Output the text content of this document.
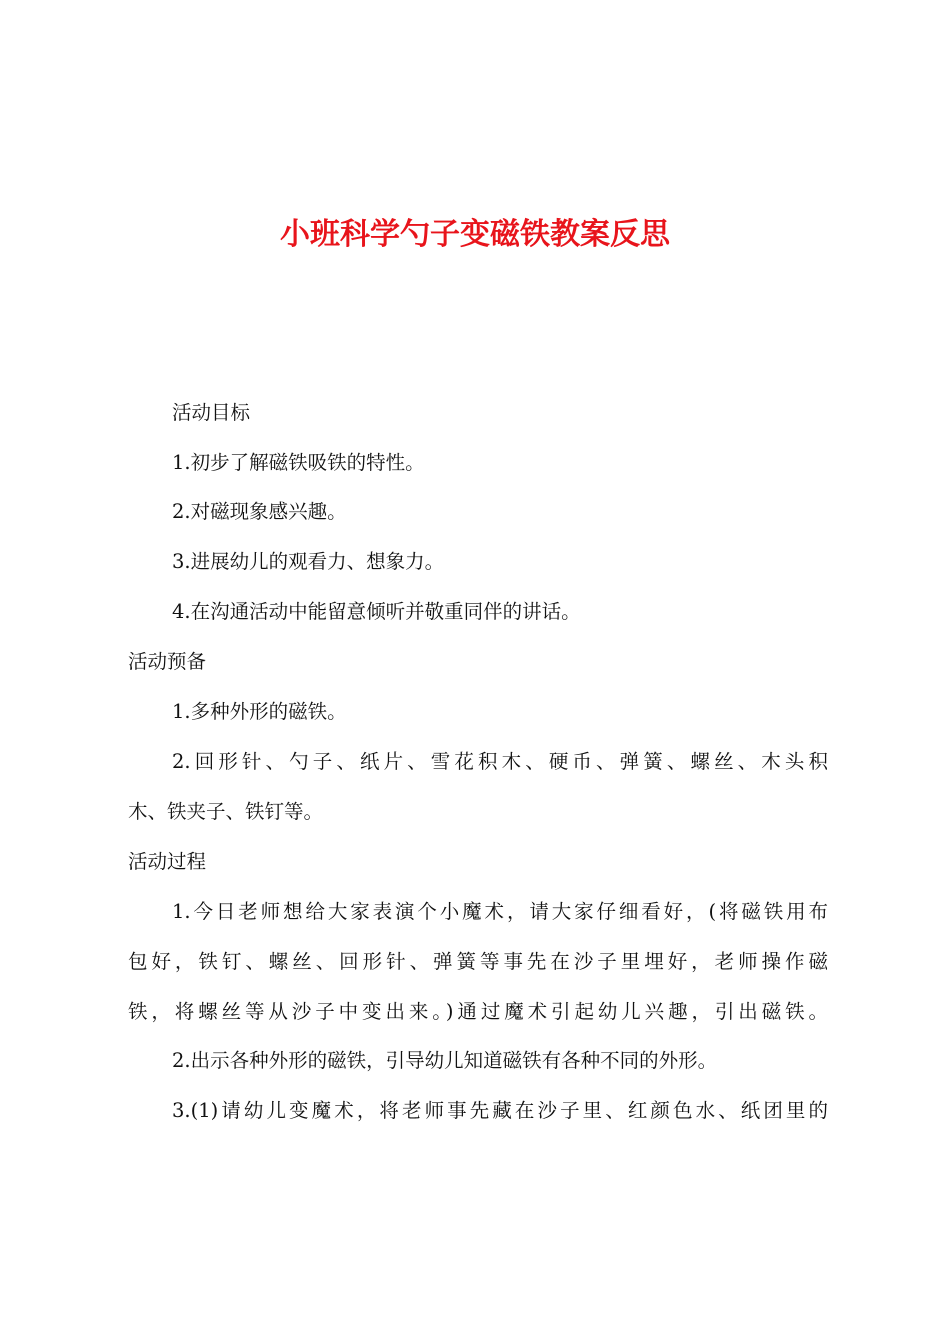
小班科学勺子变磁铁教案反思

活动目标

1.初步了解磁铁吸铁的特性。

2.对磁现象感兴趣。

3.进展幼儿的观看力、想象力。

4.在沟通活动中能留意倾听并敬重同伴的讲话。

活动预备

1.多种外形的磁铁。

2.回形针、勺子、纸片、雪花积木、硬币、弹簧、螺丝、木头积

木、铁夹子、铁钉等。

活动过程

1.今日老师想给大家表演个小魔术，请大家仔细看好，(将磁铁用布

包好，铁钉、螺丝、回形针、弹簧等事先在沙子里埋好，老师操作磁

铁，将螺丝等从沙子中变出来。)通过魔术引起幼儿兴趣，引出磁铁。

2.出示各种外形的磁铁，引导幼儿知道磁铁有各种不同的外形。

3.(1)请幼儿变魔术，将老师事先藏在沙子里、红颜色水、纸团里的
